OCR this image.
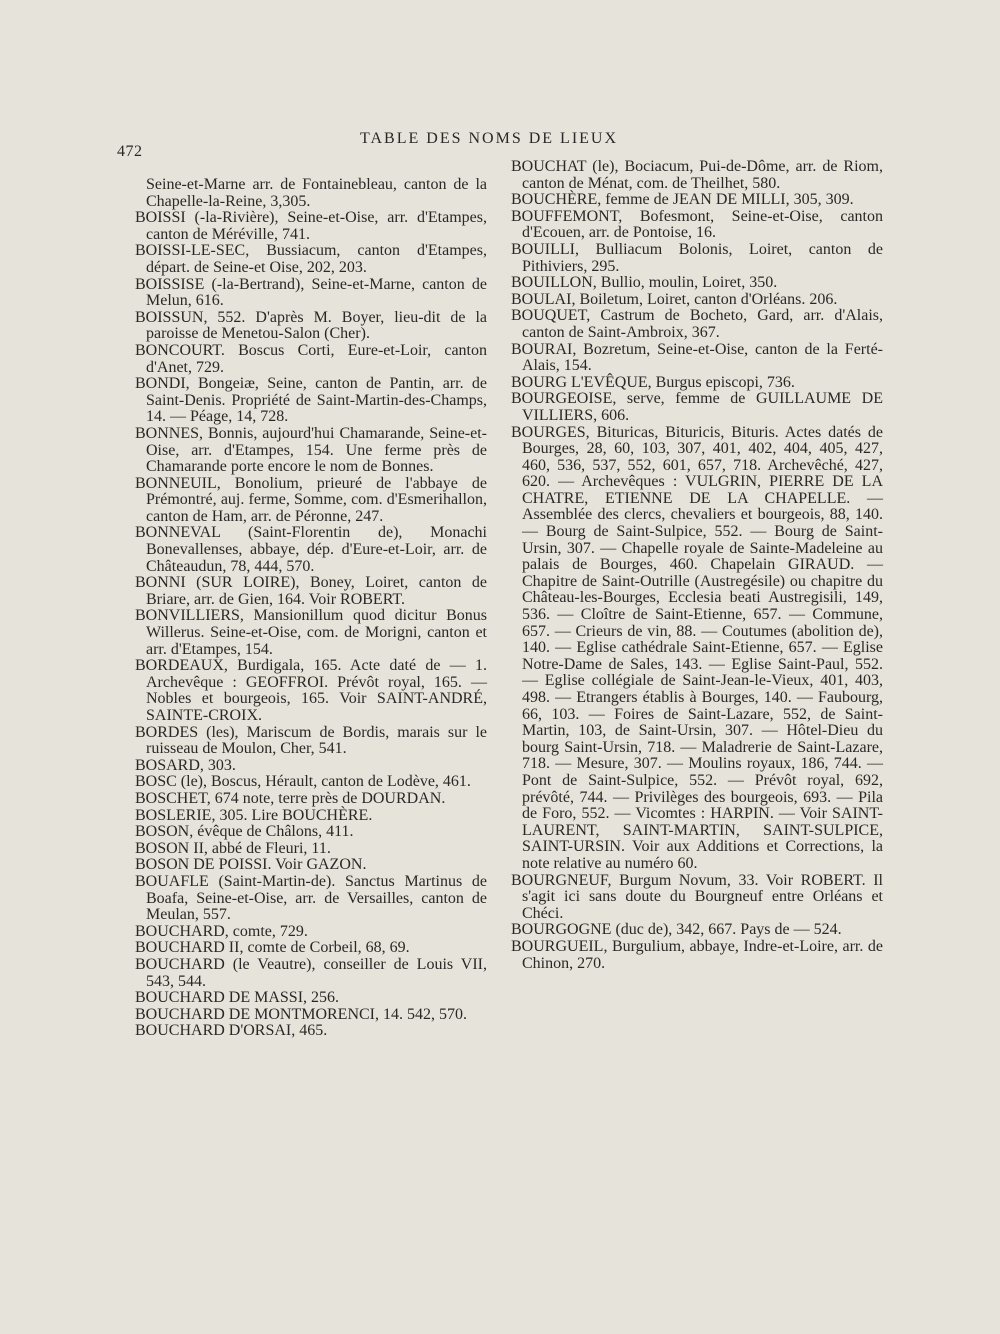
472
TABLE DES NOMS DE LIEUX

Seine-et-Marne arr. de Fontainebleau, canton de la Chapelle-la-Reine, 3,305.

BOISSI (-la-Rivière), Seine-et-Oise, arr. d'Etampes, canton de Méréville, 741.

BOISSI-LE-SEC, Bussiacum, canton d'Etampes, départ. de Seine-et Oise, 202, 203.

BOISSISE (-la-Bertrand), Seine-et-Marne, canton de Melun, 616.

BOISSUN, 552. D'après M. Boyer, lieu-dit de la paroisse de Menetou-Salon (Cher).

BONCOURT. Boscus Corti, Eure-et-Loir, canton d'Anet, 729.

BONDI, Bongeiæ, Seine, canton de Pantin, arr. de Saint-Denis. Propriété de Saint-Martin-des-Champs, 14. — Péage, 14, 728.

BONNES, Bonnis, aujourd'hui Chamarande, Seine-et-Oise, arr. d'Etampes, 154. Une ferme près de Chamarande porte encore le nom de Bonnes.

BONNEUIL, Bonolium, prieuré de l'abbaye de Prémontré, auj. ferme, Somme, com. d'Esmerihallon, canton de Ham, arr. de Péronne, 247.

BONNEVAL (Saint-Florentin de), Monachi Bonevallenses, abbaye, dép. d'Eure-et-Loir, arr. de Châteaudun, 78, 444, 570.

BONNI (SUR LOIRE), Boney, Loiret, canton de Briare, arr. de Gien, 164. Voir ROBERT.

BONVILLIERS, Mansionillum quod dicitur Bonus Willerus. Seine-et-Oise, com. de Morigni, canton et arr. d'Etampes, 154.

BORDEAUX, Burdigala, 165. Acte daté de — 1. Archevêque : GEOFFROI. Prévôt royal, 165. — Nobles et bourgeois, 165. Voir SAINT-ANDRÉ, SAINTE-CROIX.

BORDES (les), Mariscum de Bordis, marais sur le ruisseau de Moulon, Cher, 541.

BOSARD, 303.

BOSC (le), Boscus, Hérault, canton de Lodève, 461.

BOSCHET, 674 note, terre près de DOURDAN.

BOSLERIE, 305. Lire BOUCHÈRE.

BOSON, évêque de Châlons, 411.

BOSON II, abbé de Fleuri, 11.

BOSON DE POISSI. Voir GAZON.

BOUAFLE (Saint-Martin-de). Sanctus Martinus de Boafa, Seine-et-Oise, arr. de Versailles, canton de Meulan, 557.

BOUCHARD, comte, 729.

BOUCHARD II, comte de Corbeil, 68, 69.

BOUCHARD (le Veautre), conseiller de Louis VII, 543, 544.

BOUCHARD DE MASSI, 256.

BOUCHARD DE MONTMORENCI, 14. 542, 570.

BOUCHARD D'ORSAI, 465.

BOUCHAT (le), Bociacum, Pui-de-Dôme, arr. de Riom, canton de Ménat, com. de Theilhet, 580.

BOUCHÈRE, femme de JEAN DE MILLI, 305, 309.

BOUFFEMONT, Bofesmont, Seine-et-Oise, canton d'Ecouen, arr. de Pontoise, 16.

BOUILLI, Bulliacum Bolonis, Loiret, canton de Pithiviers, 295.

BOUILLON, Bullio, moulin, Loiret, 350.

BOULAI, Boiletum, Loiret, canton d'Orléans. 206.

BOUQUET, Castrum de Bocheto, Gard, arr. d'Alais, canton de Saint-Ambroix, 367.

BOURAI, Bozretum, Seine-et-Oise, canton de la Ferté-Alais, 154.

BOURG L'EVÊQUE, Burgus episcopi, 736.

BOURGEOISE, serve, femme de GUILLAUME DE VILLIERS, 606.

BOURGES, Bituricas, Bituricis, Bituris. Actes datés de Bourges, 28, 60, 103, 307, 401, 402, 404, 405, 427, 460, 536, 537, 552, 601, 657, 718. Archevêché, 427, 620. — Archevêques : VULGRIN, PIERRE DE LA CHATRE, ETIENNE DE LA CHAPELLE. — Assemblée des clercs, chevaliers et bourgeois, 88, 140. — Bourg de Saint-Sulpice, 552. — Bourg de Saint-Ursin, 307. — Chapelle royale de Sainte-Madeleine au palais de Bourges, 460. Chapelain GIRAUD. — Chapitre de Saint-Outrille (Austregésile) ou chapitre du Château-les-Bourges, Ecclesia beati Austregisili, 149, 536. — Cloître de Saint-Etienne, 657. — Commune, 657. — Crieurs de vin, 88. — Coutumes (abolition de), 140. — Eglise cathédrale Saint-Etienne, 657. — Eglise Notre-Dame de Sales, 143. — Eglise Saint-Paul, 552. — Eglise collégiale de Saint-Jean-le-Vieux, 401, 403, 498. — Etrangers établis à Bourges, 140. — Faubourg, 66, 103. — Foires de Saint-Lazare, 552, de Saint-Martin, 103, de Saint-Ursin, 307. — Hôtel-Dieu du bourg Saint-Ursin, 718. — Maladrerie de Saint-Lazare, 718. — Mesure, 307. — Moulins royaux, 186, 744. — Pont de Saint-Sulpice, 552. — Prévôt royal, 692, prévôté, 744. — Privilèges des bourgeois, 693. — Pila de Foro, 552. — Vicomtes : HARPIN. — Voir SAINT-LAURENT, SAINT-MARTIN, SAINT-SULPICE, SAINT-URSIN. Voir aux Additions et Corrections, la note relative au numéro 60.

BOURGNEUF, Burgum Novum, 33. Voir ROBERT. Il s'agit ici sans doute du Bourgneuf entre Orléans et Chéci.

BOURGOGNE (duc de), 342, 667. Pays de — 524.

BOURGUEIL, Burgulium, abbaye, Indre-et-Loire, arr. de Chinon, 270.
